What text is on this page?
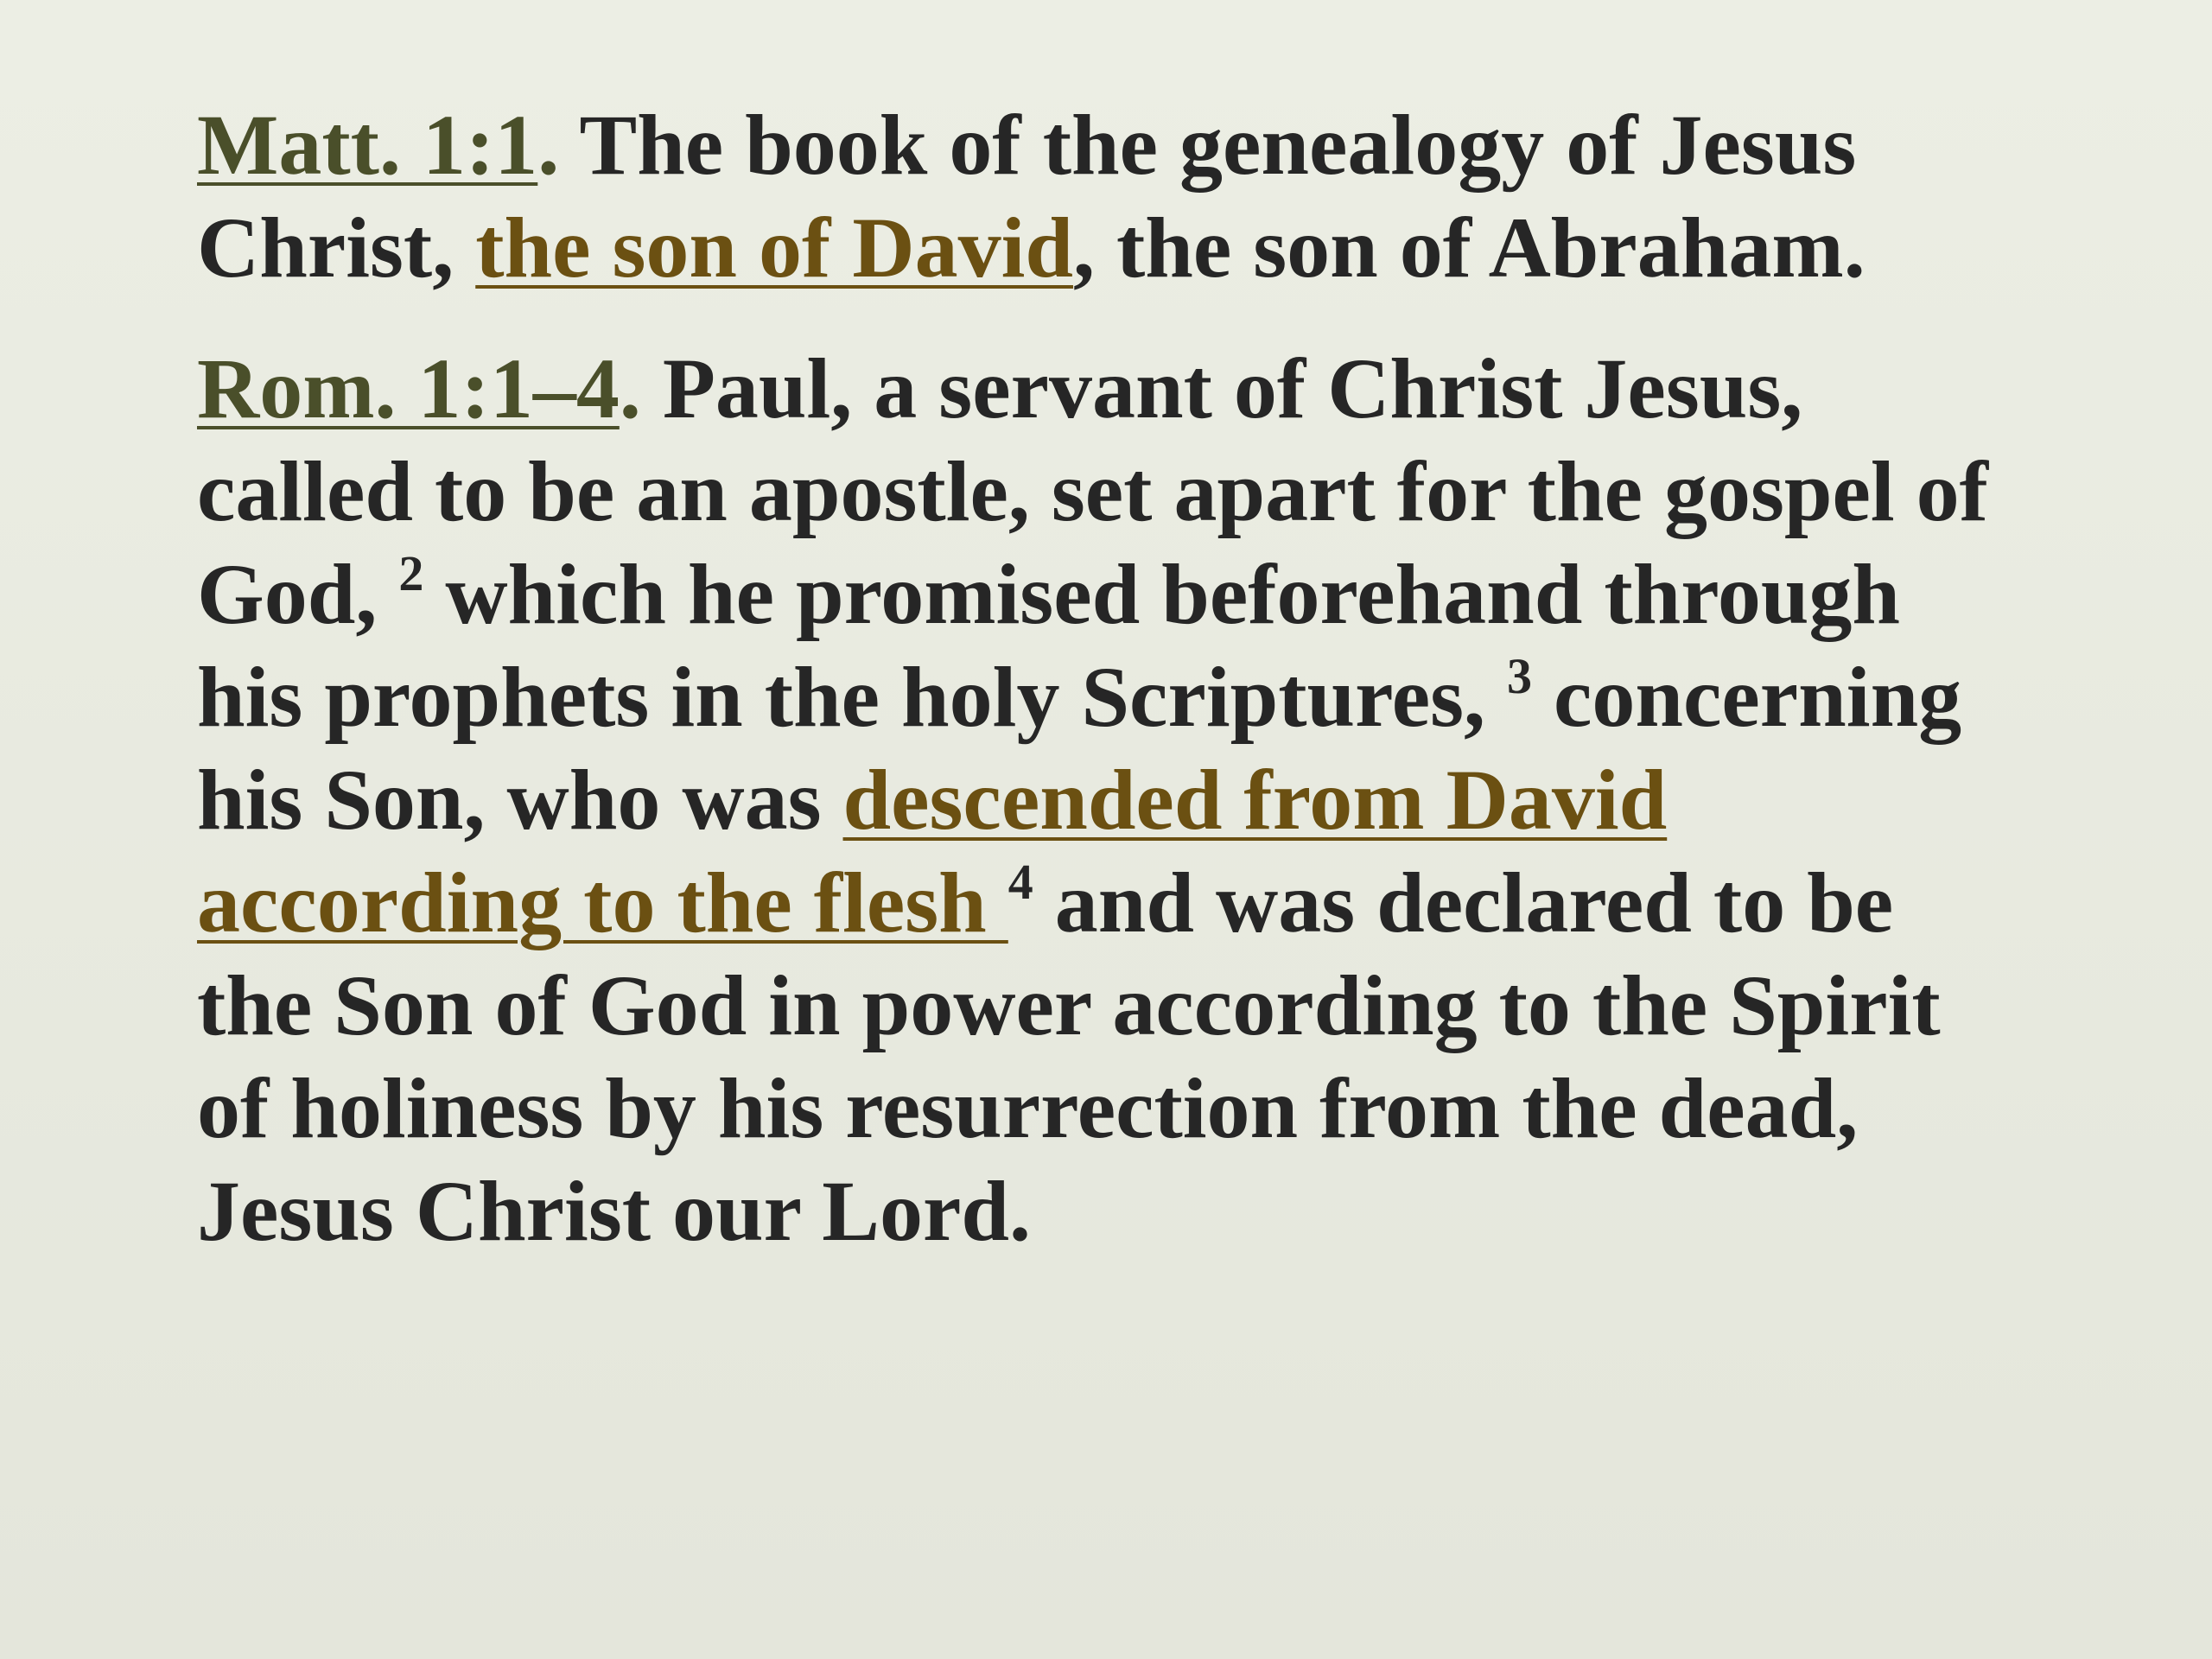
Matt. 1:1. The book of the genealogy of Jesus Christ, the son of David, the son of Abraham.

Rom. 1:1–4. Paul, a servant of Christ Jesus, called to be an apostle, set apart for the gospel of God, $^2$ which he promised beforehand through his prophets in the holy Scriptures, $^3$ concerning his Son, who was descended from David according to the flesh $^4$ and was declared to be the Son of God in power according to the Spirit of holiness by his resurrection from the dead, Jesus Christ our Lord.
